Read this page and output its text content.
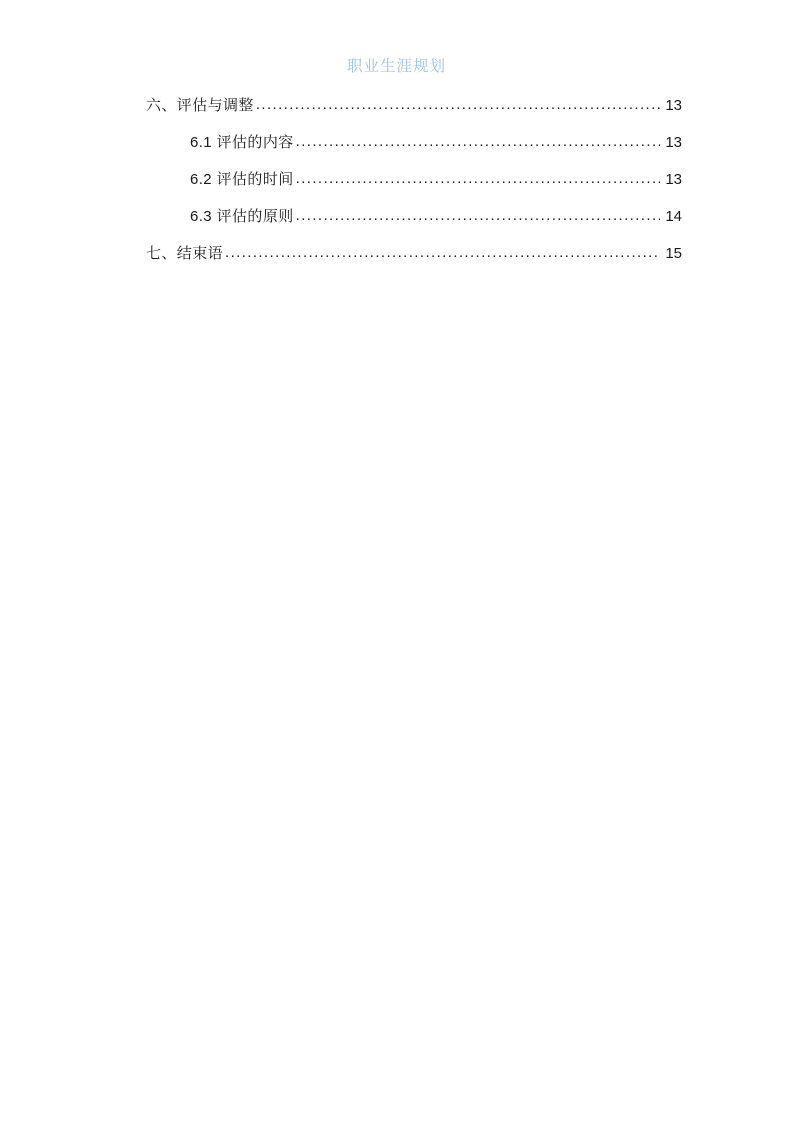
职业生涯规划
六、评估与调整 .....	13
6.1 评估的内容 .....	13
6.2 评估的时间 .....	13
6.3 评估的原则 .....	14
七、结束语 .....	15
